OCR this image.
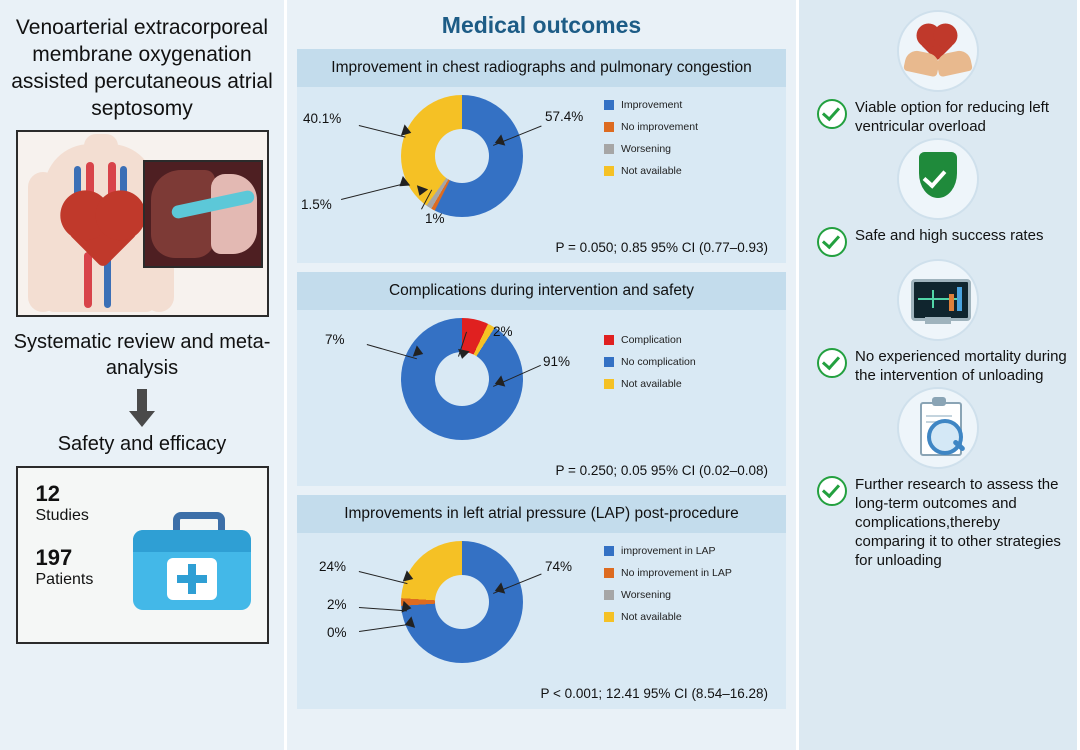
Venoarterial extracorporeal membrane oxygenation assisted percutaneous atrial septosomy
Systematic review and meta-analysis
Safety and efficacy
12
Studies
197
Patients
Medical outcomes
Improvement in chest radiographs and pulmonary congestion
40.1%
1.5%
1%
57.4%
Improvement
No improvement
Worsening
Not available
P = 0.050; 0.85 95% CI (0.77–0.93)
Complications during intervention and safety
7%
2%
91%
Complication
No complication
Not available
P = 0.250; 0.05 95% CI (0.02–0.08)
Improvements in left atrial pressure (LAP) post-procedure
24%
2%
0%
74%
improvement in LAP
No improvement in LAP
Worsening
Not available
P < 0.001; 12.41 95% CI (8.54–16.28)
Viable option for reducing left ventricular overload
Safe and high success rates
No experienced mortality during the intervention of unloading
Further research to assess the long-term outcomes and complications,thereby comparing it to other strategies for unloading
